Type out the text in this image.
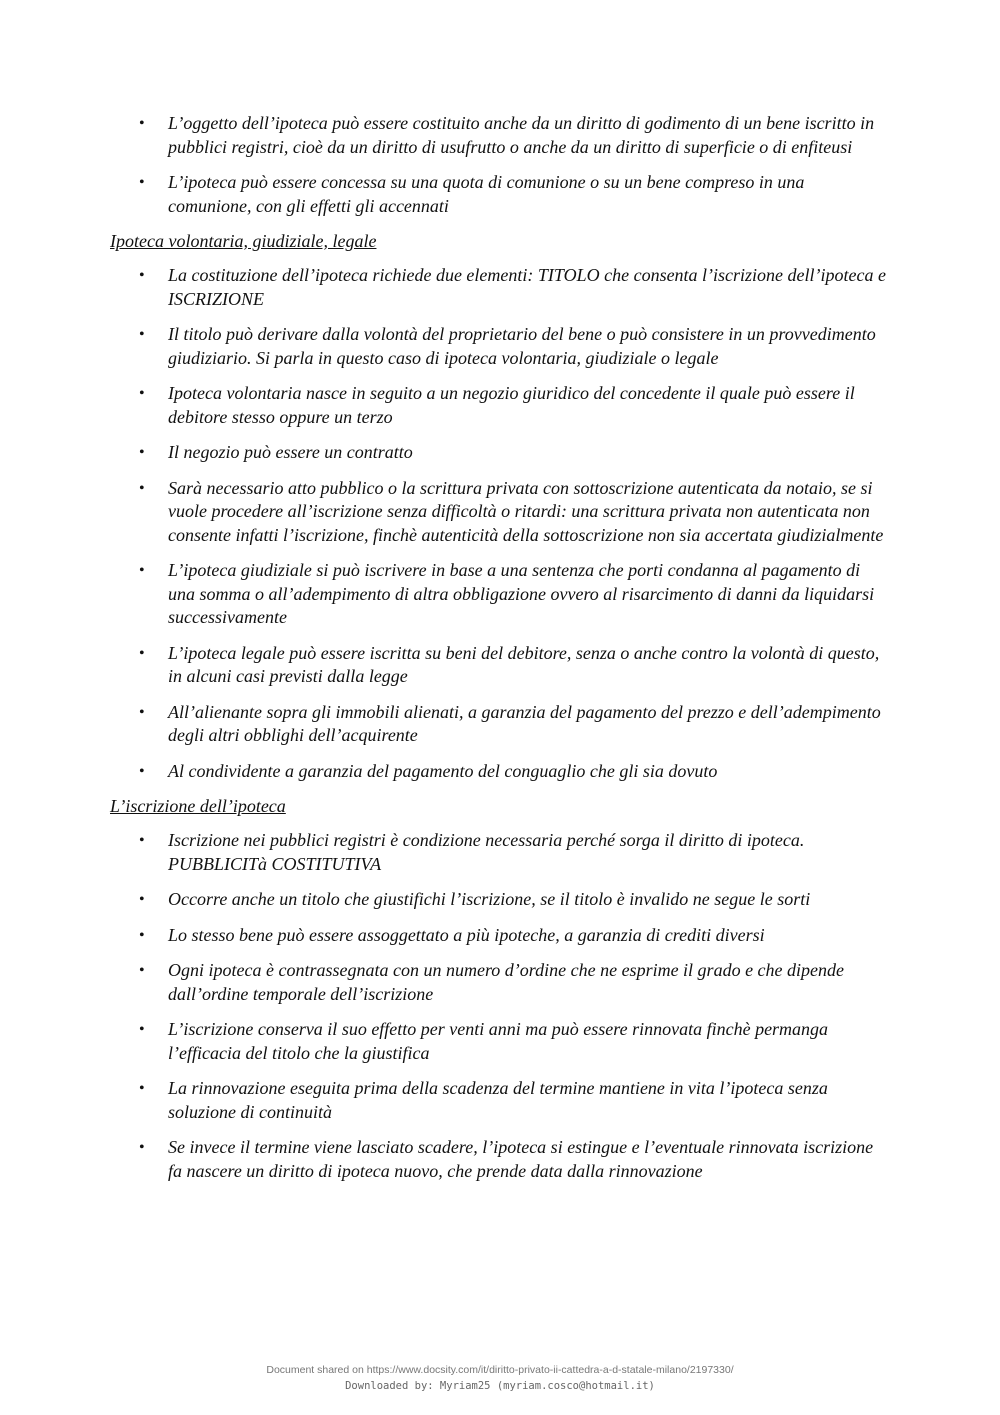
• L’oggetto dell’ipoteca può essere costituito anche da un diritto di godimento di un bene iscritto in pubblici registri, cioè da un diritto di usufrutto o anche da un diritto di superficie o di enfiteusi
• L’ipoteca può essere concessa su una quota di comunione o su un bene compreso in una comunione, con gli effetti gli accennati
Ipoteca volontaria, giudiziale, legale
• La costituzione dell’ipoteca richiede due elementi: TITOLO che consenta l’iscrizione dell’ipoteca e ISCRIZIONE
• Il titolo può derivare dalla volontà del proprietario del bene o può consistere in un provvedimento giudiziario. Si parla in questo caso di ipoteca volontaria, giudiziale o legale
• Ipoteca volontaria nasce in seguito a un negozio giuridico del concedente il quale può essere il debitore stesso oppure un terzo
• Il negozio può essere un contratto
• Sarà necessario atto pubblico o la scrittura privata con sottoscrizione autenticata da notaio, se si vuole procedere all’iscrizione senza difficoltà o ritardi: una scrittura privata non autenticata non consente infatti l’iscrizione, finchè autenticità della sottoscrizione non sia accertata giudizialmente
• L’ipoteca giudiziale si può iscrivere in base a una sentenza che porti condanna al pagamento di una somma o all’adempimento di altra obbligazione ovvero al risarcimento di danni da liquidarsi successivamente
• L’ipoteca legale può essere iscritta su beni del debitore, senza o anche contro la volontà di questo, in alcuni casi previsti dalla legge
• All’alienante sopra gli immobili alienati, a garanzia del pagamento del prezzo e dell’adempimento degli altri obblighi dell’acquirente
• Al condividente a garanzia del pagamento del conguaglio che gli sia dovuto
L’iscrizione dell’ipoteca
• Iscrizione nei pubblici registri è condizione necessaria perché sorga il diritto di ipoteca. PUBBLICITà COSTITUTIVA
• Occorre anche un titolo che giustifichi l’iscrizione, se il titolo è invalido ne segue le sorti
• Lo stesso bene può essere assoggettato a più ipoteche, a garanzia di crediti diversi
• Ogni ipoteca è contrassegnata con un numero d’ordine che ne esprime il grado e che dipende dall’ordine temporale dell’iscrizione
• L’iscrizione conserva il suo effetto per venti anni ma può essere rinnovata finchè permanga l’efficacia del titolo che la giustifica
• La rinnovazione eseguita prima della scadenza del termine mantiene in vita l’ipoteca senza soluzione di continuità
• Se invece il termine viene lasciato scadere, l’ipoteca si estingue e l’eventuale rinnovata iscrizione fa nascere un diritto di ipoteca nuovo, che prende data dalla rinnovazione
Document shared on https://www.docsity.com/it/diritto-privato-ii-cattedra-a-d-statale-milano/2197330/
Downloaded by: Myriam25 (myriam.cosco@hotmail.it)
